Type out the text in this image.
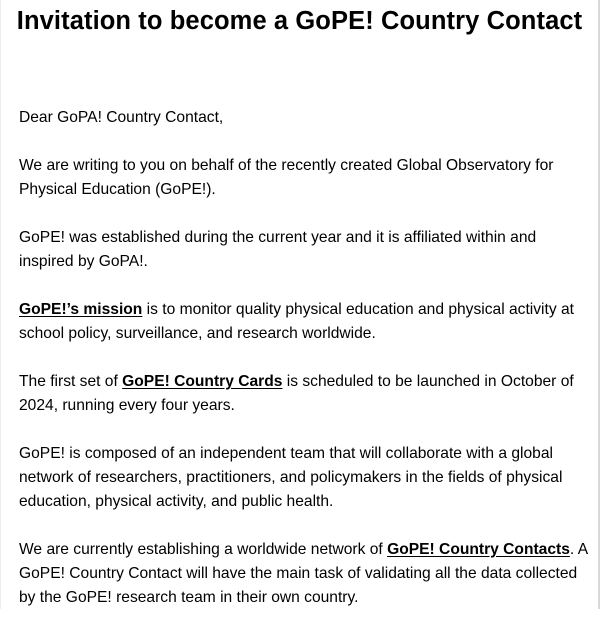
Invitation to become a GoPE! Country Contact

Dear GoPA! Country Contact,

We are writing to you on behalf of the recently created Global Observatory for Physical Education (GoPE!).

GoPE! was established during the current year and it is affiliated within and inspired by GoPA!.

GoPE!’s mission is to monitor quality physical education and physical activity at school policy, surveillance, and research worldwide.

The first set of GoPE! Country Cards is scheduled to be launched in October of 2024, running every four years.

GoPE! is composed of an independent team that will collaborate with a global network of researchers, practitioners, and policymakers in the fields of physical education, physical activity, and public health.

We are currently establishing a worldwide network of GoPE! Country Contacts. A GoPE! Country Contact will have the main task of validating all the data collected by the GoPE! research team in their own country.
